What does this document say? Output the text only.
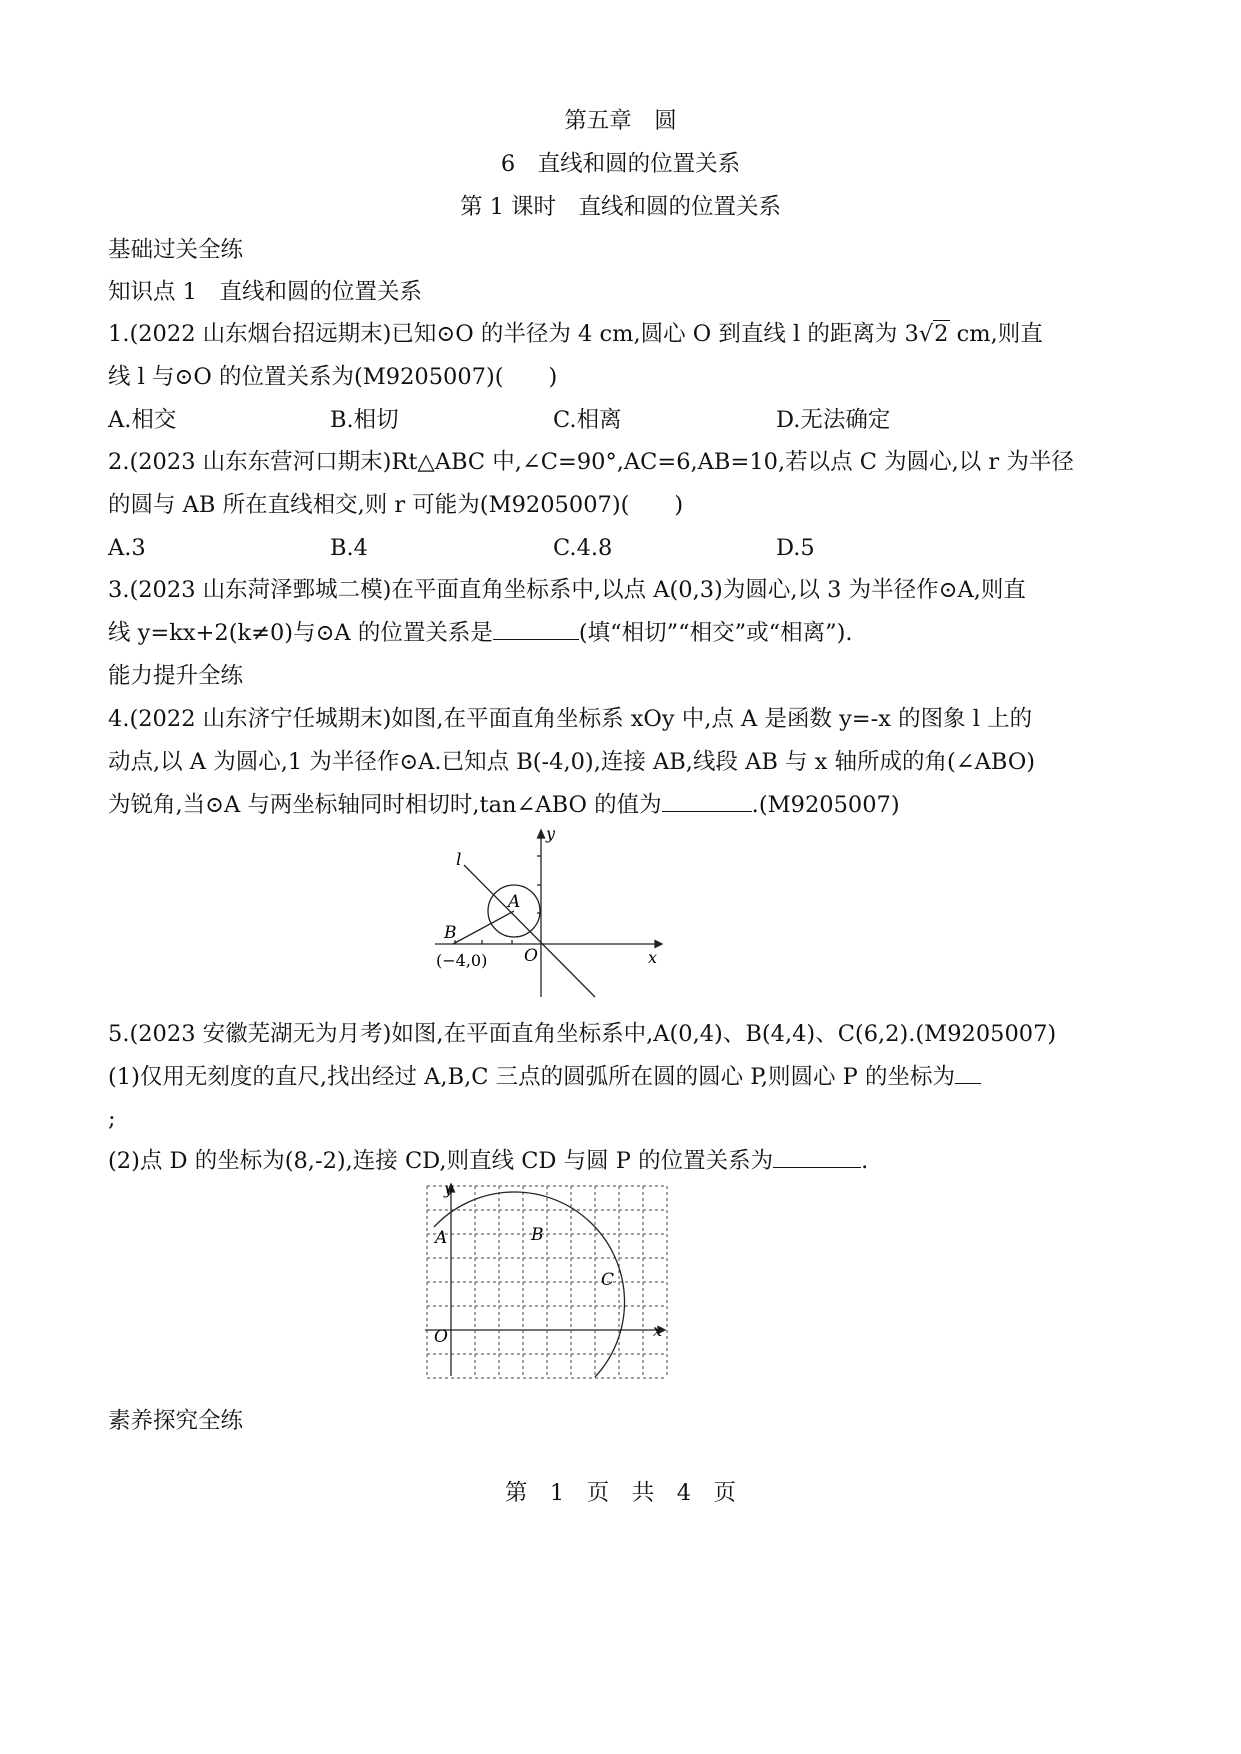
第五章　圆
6　直线和圆的位置关系
第 1 课时　直线和圆的位置关系
基础过关全练
知识点 1　直线和圆的位置关系
1.(2022 山东烟台招远期末)已知⊙O 的半径为 4 cm,圆心 O 到直线 l 的距离为 3√2 cm,则直
线 l 与⊙O 的位置关系为(M9205007)(　　)
A.相交	B.相切	C.相离	D.无法确定
2.(2023 山东东营河口期末)Rt△ABC 中,∠C=90°,AC=6,AB=10,若以点 C 为圆心,以 r 为半径
的圆与 AB 所在直线相交,则 r 可能为(M9205007)(　　)
A.3	B.4	C.4.8	D.5
3.(2023 山东菏泽鄄城二模)在平面直角坐标系中,以点 A(0,3)为圆心,以 3 为半径作⊙A,则直
线 y=kx+2(k≠0)与⊙A 的位置关系是	(填“相切”“相交”或“相离”).
能力提升全练
4.(2022 山东济宁任城期末)如图,在平面直角坐标系 xOy 中,点 A 是函数 y=-x 的图象 l 上的
动点,以 A 为圆心,1 为半径作⊙A.已知点 B(-4,0),连接 AB,线段 AB 与 x 轴所成的角(∠ABO)
为锐角,当⊙A 与两坐标轴同时相切时,tan∠ABO 的值为	.(M9205007)
l
y
x
A
B
O
(−4,0)
5.(2023 安徽芜湖无为月考)如图,在平面直角坐标系中,A(0,4)、B(4,4)、C(6,2).(M9205007)
(1)仅用无刻度的直尺,找出经过 A,B,C 三点的圆弧所在圆的圆心 P,则圆心 P 的坐标为
;
(2)点 D 的坐标为(8,-2),连接 CD,则直线 CD 与圆 P 的位置关系为	.
y
x
A	B
C
O
素养探究全练
第　1　页　共　4　页
